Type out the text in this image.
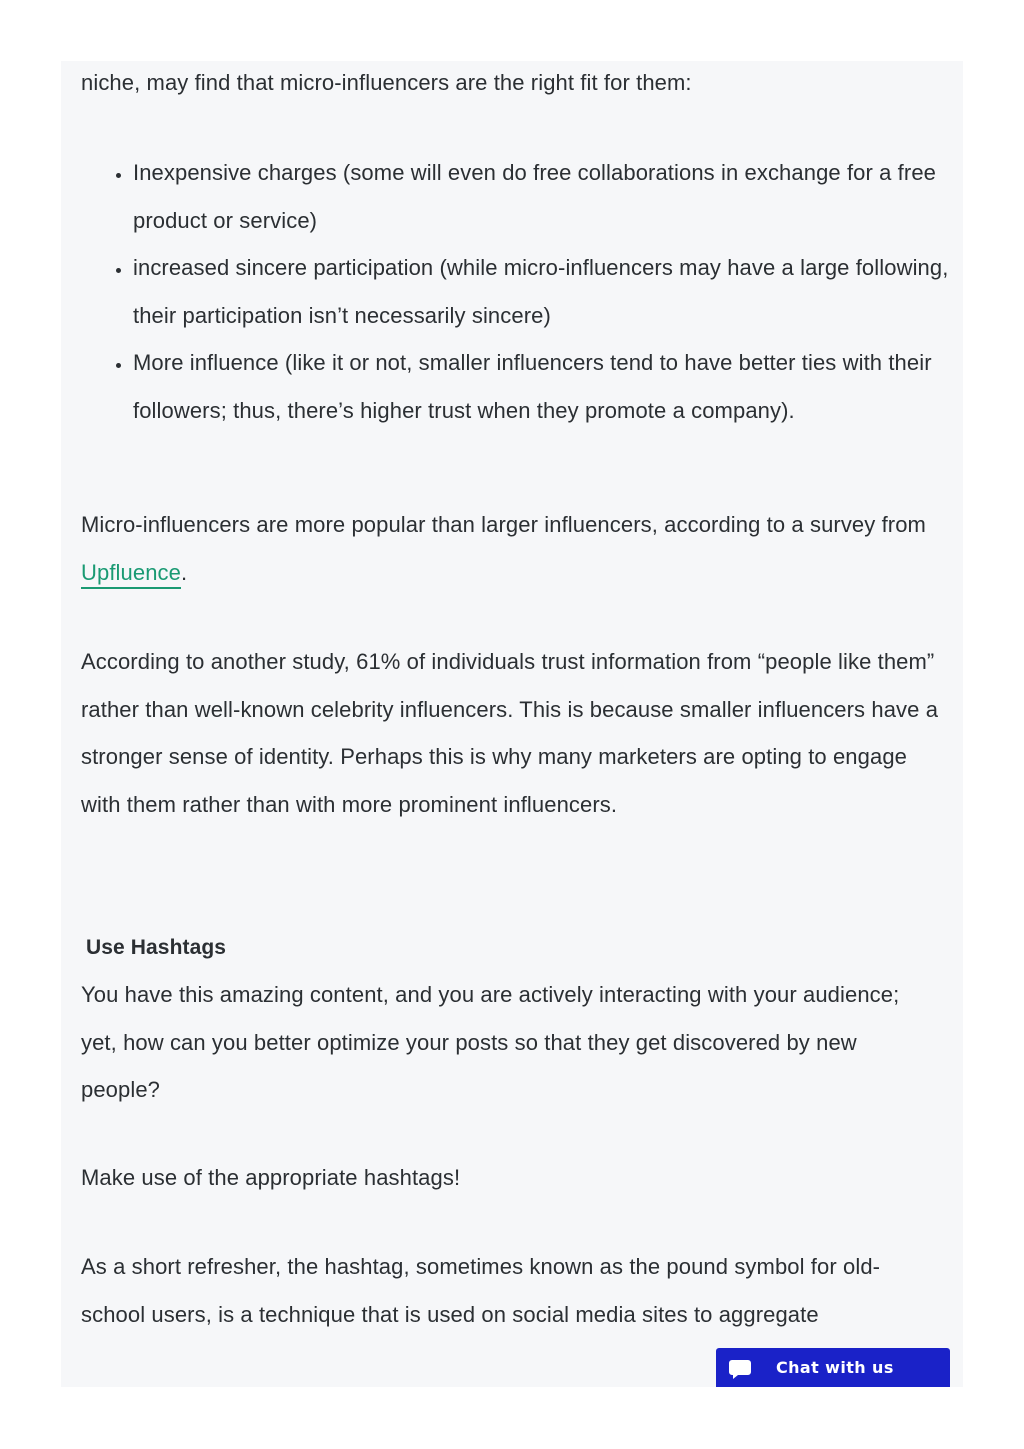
niche, may find that micro-influencers are the right fit for them:

• Inexpensive charges (some will even do free collaborations in exchange for a free product or service)
• increased sincere participation (while micro-influencers may have a large following, their participation isn’t necessarily sincere)
• More influence (like it or not, smaller influencers tend to have better ties with their followers; thus, there’s higher trust when they promote a company).

Micro-influencers are more popular than larger influencers, according to a survey from Upfluence.

According to another study, 61% of individuals trust information from “people like them” rather than well-known celebrity influencers. This is because smaller influencers have a stronger sense of identity. Perhaps this is why many marketers are opting to engage with them rather than with more prominent influencers.

Use Hashtags

You have this amazing content, and you are actively interacting with your audience; yet, how can you better optimize your posts so that they get discovered by new people?

Make use of the appropriate hashtags!

As a short refresher, the hashtag, sometimes known as the pound symbol for old-school users, is a technique that is used on social media sites to aggregate

Chat with us
